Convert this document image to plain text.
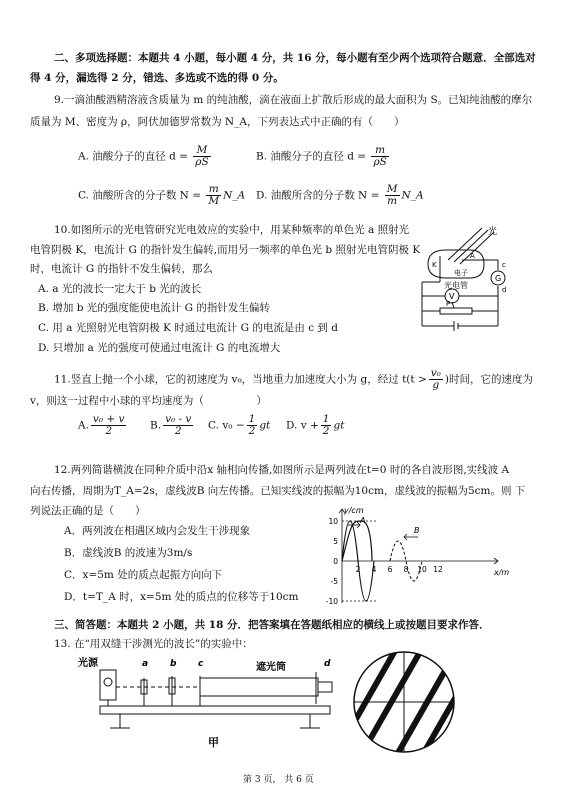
二、多项选择题：本题共 4 小题，每小题 4 分，共 16 分，每小题有至少两个选项符合题意．全部选对
得 4 分，漏选得 2 分，错选、多选或不选的得 0 分。
9.一滴油酸酒精溶液含质量为 m 的纯油酸，滴在液面上扩散后形成的最大面积为 S。已知纯油酸的摩尔
质量为 M、密度为 ρ，阿伏加德罗常数为 N_A，下列表达式中正确的有（　　）
A. 油酸分子的直径 $d = \frac{M}{\rho S}$	B. 油酸分子的直径 $d = \frac{m}{\rho S}$
C. 油酸所含的分子数 $N = \frac{m}{M}$ N_A D. 油酸所含的分子数 $N = \frac{M}{m}$ N_A
10.如图所示的光电管研究光电效应的实验中，用某种频率的单色光 a 照射光
电管阴极 K，电流计 G 的指针发生偏转,而用另一频率的单色光 b 照射光电管阴极 K
时，电流计 G 的指针不发生偏转，那么
A. a 光的波长一定大于 b 光的波长
B. 增加 b 光的强度能使电流计 G 的指针发生偏转
C. 用 a 光照射光电管阴极 K 时通过电流计 G 的电流是由 c 到 d
D. 只增加 a 光的强度可使通过电流计 G 的电流增大
光
电子
光电管
G
V
K
A
c
d
P
11.竖直上抛一个小球，它的初速度为 v₀，当地重力加速度大小为 g，经过 $t(t > \frac{\text{v₀}}{g}$ )时间，它的速度为
v，则这一过程中小球的平均速度为（　　　　　）
A. $\frac{\text{v₀ + v}}{2} B$. $\frac{\text{v₀ - v}}{2} C$. $v_0 - \frac{1}{2}$ gt D. $v + \frac{1}{2}$ gt
12.两列简谐横波在同种介质中沿x 轴相向传播,如图所示是两列波在t=0 时的各自波形图,实线波 A
向右传播，周期为T_A=2s，虚线波B 向左传播。已知实线波的振幅为10cm，虚线波的振幅为5cm。则 下
列说法正确的是（　　）
A．两列波在相遇区域内会发生干涉现象
B．虚线波B 的波速为3m/s
C．x=5m 处的质点起振方向向下
D．t=T_A 时，x=5m 处的质点的位移等于10cm
y/cm
x/m
A
B
10
5
0
-5
-10
2 4 6 8 10 12
三、简答题：本题共 2 小题，共 18 分．把答案填在答题纸相应的横线上或按题目要求作答．
13. 在“用双缝干涉测光的波长”的实验中：
光源	a b c	遮光筒	d
甲
第 3 页， 共 6 页
